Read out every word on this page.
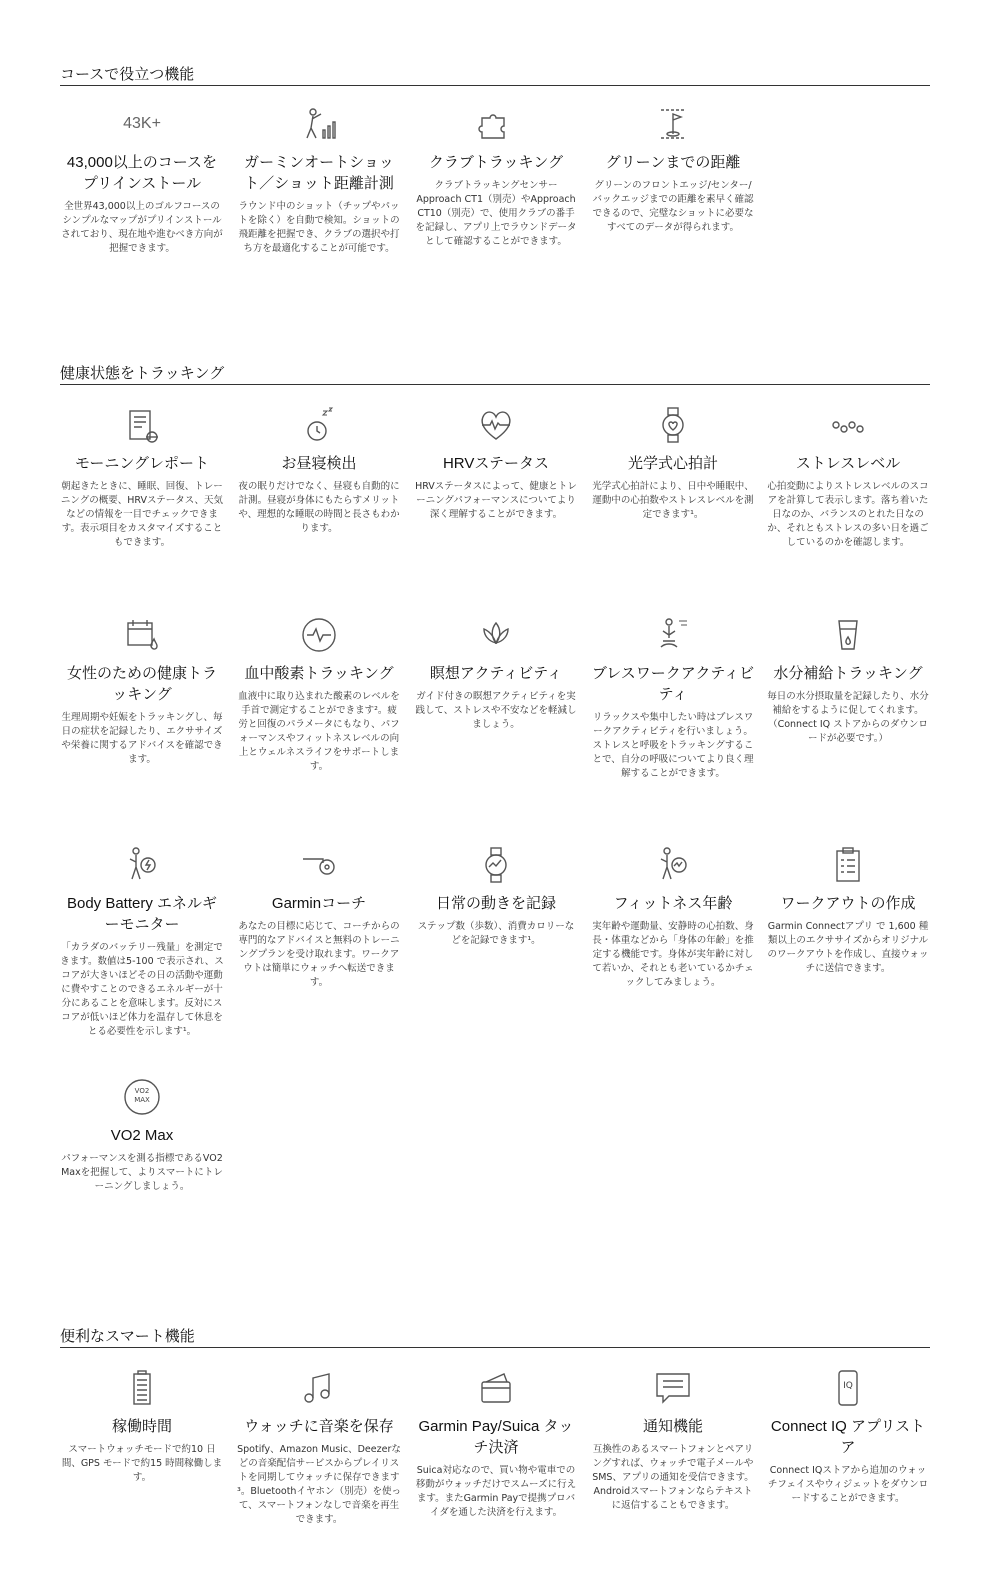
コースで役立つ機能
43K+
43,000以上のコースをプリインストール
全世界43,000以上のゴルフコースのシンプルなマップがプリインストールされており、現在地や進むべき方向が把握できます。
ガーミンオートショット／ショット距離計測
ラウンド中のショット（チップやパットを除く）を自動で検知。ショットの飛距離を把握でき、クラブの選択や打ち方を最適化することが可能です。
クラブトラッキング
クラブトラッキングセンサーApproach CT1（別売）やApproach CT10（別売）で、使用クラブの番手を記録し、アプリ上でラウンドデータとして確認することができます。
グリーンまでの距離
グリーンのフロントエッジ/センター/バックエッジまでの距離を素早く確認できるので、完璧なショットに必要なすべてのデータが得られます。
健康状態をトラッキング
モーニングレポート
朝起きたときに、睡眠、回復、トレーニングの概要、HRVステータス、天気などの情報を一目でチェックできます。表示項目をカスタマイズすることもできます。
お昼寝検出
夜の眠りだけでなく、昼寝も自動的に計測。昼寝が身体にもたらすメリットや、理想的な睡眠の時間と長さもわかります。
HRVステータス
HRVステータスによって、健康とトレーニングパフォーマンスについてより深く理解することができます。
光学式心拍計
光学式心拍計により、日中や睡眠中、運動中の心拍数やストレスレベルを測定できます¹。
ストレスレベル
心拍変動によりストレスレベルのスコアを計算して表示します。落ち着いた日なのか、バランスのとれた日なのか、それともストレスの多い日を過ごしているのかを確認します。
女性のための健康トラッキング
生理周期や妊娠をトラッキングし、毎日の症状を記録したり、エクササイズや栄養に関するアドバイスを確認できます。
血中酸素トラッキング
血液中に取り込まれた酸素のレベルを手首で測定することができます²。疲労と回復のパラメータにもなり、パフォーマンスやフィットネスレベルの向上とウェルネスライフをサポートします。
瞑想アクティビティ
ガイド付きの瞑想アクティビティを実践して、ストレスや不安などを軽減しましょう。
ブレスワークアクティビティ
リラックスや集中したい時はブレスワークアクティビティを行いましょう。ストレスと呼吸をトラッキングすることで、自分の呼吸についてより良く理解することができます。
水分補給トラッキング
毎日の水分摂取量を記録したり、水分補給をするように促してくれます。（Connect IQ ストアからのダウンロードが必要です。）
Body Battery エネルギーモニター
「カラダのバッテリー残量」を測定できます。数値は5-100 で表示され、スコアが大きいほどその日の活動や運動に費やすことのできるエネルギーが十分にあることを意味します。反対にスコアが低いほど体力を温存して休息をとる必要性を示します¹。
Garminコーチ
あなたの目標に応じて、コーチからの専門的なアドバイスと無料のトレーニングプランを受け取れます。ワークアウトは簡単にウォッチへ転送できます。
日常の動きを記録
ステップ数（歩数）、消費カロリーなどを記録できます¹。
フィットネス年齢
実年齢や運動量、安静時の心拍数、身長・体重などから「身体の年齢」を推定する機能です。身体が実年齢に対して若いか、それとも老いているかチェックしてみましょう。
ワークアウトの作成
Garmin Connectアプリ で 1,600 種類以上のエクササイズからオリジナルのワークアウトを作成し、直接ウォッチに送信できます。
VO2 MAX
VO2 Max
パフォーマンスを測る指標であるVO2 Maxを把握して、よりスマートにトレーニングしましょう。
便利なスマート機能
稼働時間
スマートウォッチモードで約10 日間、GPS モードで約15 時間稼働します。
ウォッチに音楽を保存
Spotify、Amazon Music、Deezerなどの音楽配信サービスからプレイリストを同期してウォッチに保存できます³。Bluetoothイヤホン（別売）を使って、スマートフォンなしで音楽を再生できます。
Garmin Pay/Suica タッチ決済
Suica対応なので、買い物や電車での移動がウォッチだけでスムーズに行えます。またGarmin Payで提携プロバイダを通した決済を行えます。
通知機能
互換性のあるスマートフォンとペアリングすれば、ウォッチで電子メールやSMS、アプリの通知を受信できます。Androidスマートフォンならテキストに返信することもできます。
IQ
Connect IQ アプリストア
Connect IQストアから追加のウォッチフェイスやウィジェットをダウンロードすることができます。
